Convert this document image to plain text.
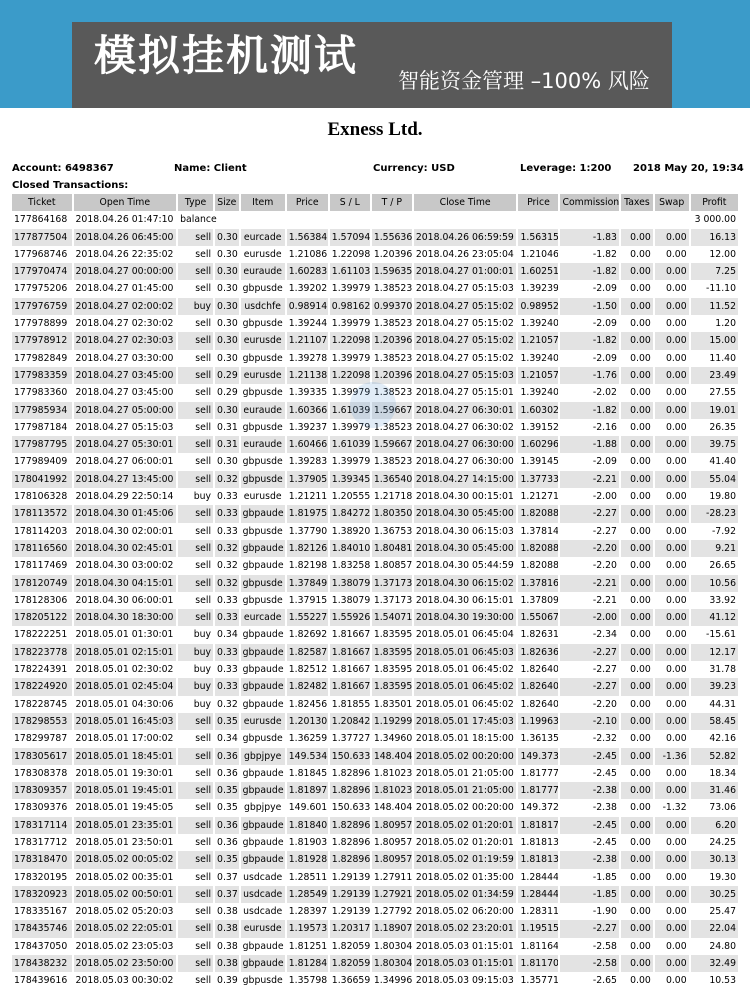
模拟挂机测试
智能资金管理 –100% 风险
Exness Ltd.
Account: 6498367	Name: Client	Currency: USD	Leverage: 1:200 2018 May 20, 19:34
Closed Transactions:
Ticket	Open Time	Type	Size	Item	Price	S / L	T / P	Close Time	Price	Commission	Taxes	Swap	Profit
177864168	2018.04.26 01:47:10	balance											3 000.00
177877504	2018.04.26 06:45:00	sell	0.30	eurcade	1.56384	1.57094	1.55636	2018.04.26 06:59:59	1.56315	-1.83	0.00	0.00	16.13
177968746	2018.04.26 22:35:02	sell	0.30	eurusde	1.21086	1.22098	1.20396	2018.04.26 23:05:04	1.21046	-1.82	0.00	0.00	12.00
177970474	2018.04.27 00:00:00	sell	0.30	euraude	1.60283	1.61103	1.59635	2018.04.27 01:00:01	1.60251	-1.82	0.00	0.00	7.25
177975206	2018.04.27 01:45:00	sell	0.30	gbpusde	1.39202	1.39979	1.38523	2018.04.27 05:15:03	1.39239	-2.09	0.00	0.00	-11.10
177976759	2018.04.27 02:00:02	buy	0.30	usdchfe	0.98914	0.98162	0.99370	2018.04.27 05:15:02	0.98952	-1.50	0.00	0.00	11.52
177978899	2018.04.27 02:30:02	sell	0.30	gbpusde	1.39244	1.39979	1.38523	2018.04.27 05:15:02	1.39240	-2.09	0.00	0.00	1.20
177978912	2018.04.27 02:30:03	sell	0.30	eurusde	1.21107	1.22098	1.20396	2018.04.27 05:15:02	1.21057	-1.82	0.00	0.00	15.00
177982849	2018.04.27 03:30:00	sell	0.30	gbpusde	1.39278	1.39979	1.38523	2018.04.27 05:15:02	1.39240	-2.09	0.00	0.00	11.40
177983359	2018.04.27 03:45:00	sell	0.29	eurusde	1.21138	1.22098	1.20396	2018.04.27 05:15:03	1.21057	-1.76	0.00	0.00	23.49
177983360	2018.04.27 03:45:00	sell	0.29	gbpusde	1.39335	1.39979	1.38523	2018.04.27 05:15:01	1.39240	-2.02	0.00	0.00	27.55
177985934	2018.04.27 05:00:00	sell	0.30	euraude	1.60366	1.61039	1.59667	2018.04.27 06:30:01	1.60302	-1.82	0.00	0.00	19.01
177987184	2018.04.27 05:15:03	sell	0.31	gbpusde	1.39237	1.39979	1.38523	2018.04.27 06:30:02	1.39152	-2.16	0.00	0.00	26.35
177987795	2018.04.27 05:30:01	sell	0.31	euraude	1.60466	1.61039	1.59667	2018.04.27 06:30:00	1.60296	-1.88	0.00	0.00	39.75
177989409	2018.04.27 06:00:01	sell	0.30	gbpusde	1.39283	1.39979	1.38523	2018.04.27 06:30:00	1.39145	-2.09	0.00	0.00	41.40
178041992	2018.04.27 13:45:00	sell	0.32	gbpusde	1.37905	1.39345	1.36540	2018.04.27 14:15:00	1.37733	-2.21	0.00	0.00	55.04
178106328	2018.04.29 22:50:14	buy	0.33	eurusde	1.21211	1.20555	1.21718	2018.04.30 00:15:01	1.21271	-2.00	0.00	0.00	19.80
178113572	2018.04.30 01:45:06	sell	0.33	gbpaude	1.81975	1.84272	1.80350	2018.04.30 05:45:00	1.82088	-2.27	0.00	0.00	-28.23
178114203	2018.04.30 02:00:01	sell	0.33	gbpusde	1.37790	1.38920	1.36753	2018.04.30 06:15:03	1.37814	-2.27	0.00	0.00	-7.92
178116560	2018.04.30 02:45:01	sell	0.32	gbpaude	1.82126	1.84010	1.80481	2018.04.30 05:45:00	1.82088	-2.20	0.00	0.00	9.21
178117469	2018.04.30 03:00:02	sell	0.32	gbpaude	1.82198	1.83258	1.80857	2018.04.30 05:44:59	1.82088	-2.20	0.00	0.00	26.65
178120749	2018.04.30 04:15:01	sell	0.32	gbpusde	1.37849	1.38079	1.37173	2018.04.30 06:15:02	1.37816	-2.21	0.00	0.00	10.56
178128306	2018.04.30 06:00:01	sell	0.33	gbpusde	1.37915	1.38079	1.37173	2018.04.30 06:15:01	1.37809	-2.21	0.00	0.00	33.92
178205122	2018.04.30 18:30:00	sell	0.33	eurcade	1.55227	1.55926	1.54071	2018.04.30 19:30:00	1.55067	-2.00	0.00	0.00	41.12
178222251	2018.05.01 01:30:01	buy	0.34	gbpaude	1.82692	1.81667	1.83595	2018.05.01 06:45:04	1.82631	-2.34	0.00	0.00	-15.61
178223778	2018.05.01 02:15:01	buy	0.33	gbpaude	1.82587	1.81667	1.83595	2018.05.01 06:45:03	1.82636	-2.27	0.00	0.00	12.17
178224391	2018.05.01 02:30:02	buy	0.33	gbpaude	1.82512	1.81667	1.83595	2018.05.01 06:45:02	1.82640	-2.27	0.00	0.00	31.78
178224920	2018.05.01 02:45:04	buy	0.33	gbpaude	1.82482	1.81667	1.83595	2018.05.01 06:45:02	1.82640	-2.27	0.00	0.00	39.23
178228745	2018.05.01 04:30:06	buy	0.32	gbpaude	1.82456	1.81855	1.83501	2018.05.01 06:45:02	1.82640	-2.20	0.00	0.00	44.31
178298553	2018.05.01 16:45:03	sell	0.35	eurusde	1.20130	1.20842	1.19299	2018.05.01 17:45:03	1.19963	-2.10	0.00	0.00	58.45
178299787	2018.05.01 17:00:02	sell	0.34	gbpusde	1.36259	1.37727	1.34960	2018.05.01 18:15:00	1.36135	-2.32	0.00	0.00	42.16
178305617	2018.05.01 18:45:01	sell	0.36	gbpjpye	149.534	150.633	148.404	2018.05.02 00:20:00	149.373	-2.45	0.00	-1.36	52.82
178308378	2018.05.01 19:30:01	sell	0.36	gbpaude	1.81845	1.82896	1.81023	2018.05.01 21:05:00	1.81777	-2.45	0.00	0.00	18.34
178309357	2018.05.01 19:45:01	sell	0.35	gbpaude	1.81897	1.82896	1.81023	2018.05.01 21:05:00	1.81777	-2.38	0.00	0.00	31.46
178309376	2018.05.01 19:45:05	sell	0.35	gbpjpye	149.601	150.633	148.404	2018.05.02 00:20:00	149.372	-2.38	0.00	-1.32	73.06
178317114	2018.05.01 23:35:01	sell	0.36	gbpaude	1.81840	1.82896	1.80957	2018.05.02 01:20:01	1.81817	-2.45	0.00	0.00	6.20
178317712	2018.05.01 23:50:01	sell	0.36	gbpaude	1.81903	1.82896	1.80957	2018.05.02 01:20:01	1.81813	-2.45	0.00	0.00	24.25
178318470	2018.05.02 00:05:02	sell	0.35	gbpaude	1.81928	1.82896	1.80957	2018.05.02 01:19:59	1.81813	-2.38	0.00	0.00	30.13
178320195	2018.05.02 00:35:01	sell	0.37	usdcade	1.28511	1.29139	1.27911	2018.05.02 01:35:00	1.28444	-1.85	0.00	0.00	19.30
178320923	2018.05.02 00:50:01	sell	0.37	usdcade	1.28549	1.29139	1.27921	2018.05.02 01:34:59	1.28444	-1.85	0.00	0.00	30.25
178335167	2018.05.02 05:20:03	sell	0.38	usdcade	1.28397	1.29139	1.27792	2018.05.02 06:20:00	1.28311	-1.90	0.00	0.00	25.47
178435746	2018.05.02 22:05:01	sell	0.38	eurusde	1.19573	1.20317	1.18907	2018.05.02 23:20:01	1.19515	-2.27	0.00	0.00	22.04
178437050	2018.05.02 23:05:03	sell	0.38	gbpaude	1.81251	1.82059	1.80304	2018.05.03 01:15:01	1.81164	-2.58	0.00	0.00	24.80
178438232	2018.05.02 23:50:00	sell	0.38	gbpaude	1.81284	1.82059	1.80304	2018.05.03 01:15:01	1.81170	-2.58	0.00	0.00	32.49
178439616	2018.05.03 00:30:02	sell	0.39	gbpusde	1.35798	1.36659	1.34996	2018.05.03 09:15:03	1.35771	-2.65	0.00	0.00	10.53
